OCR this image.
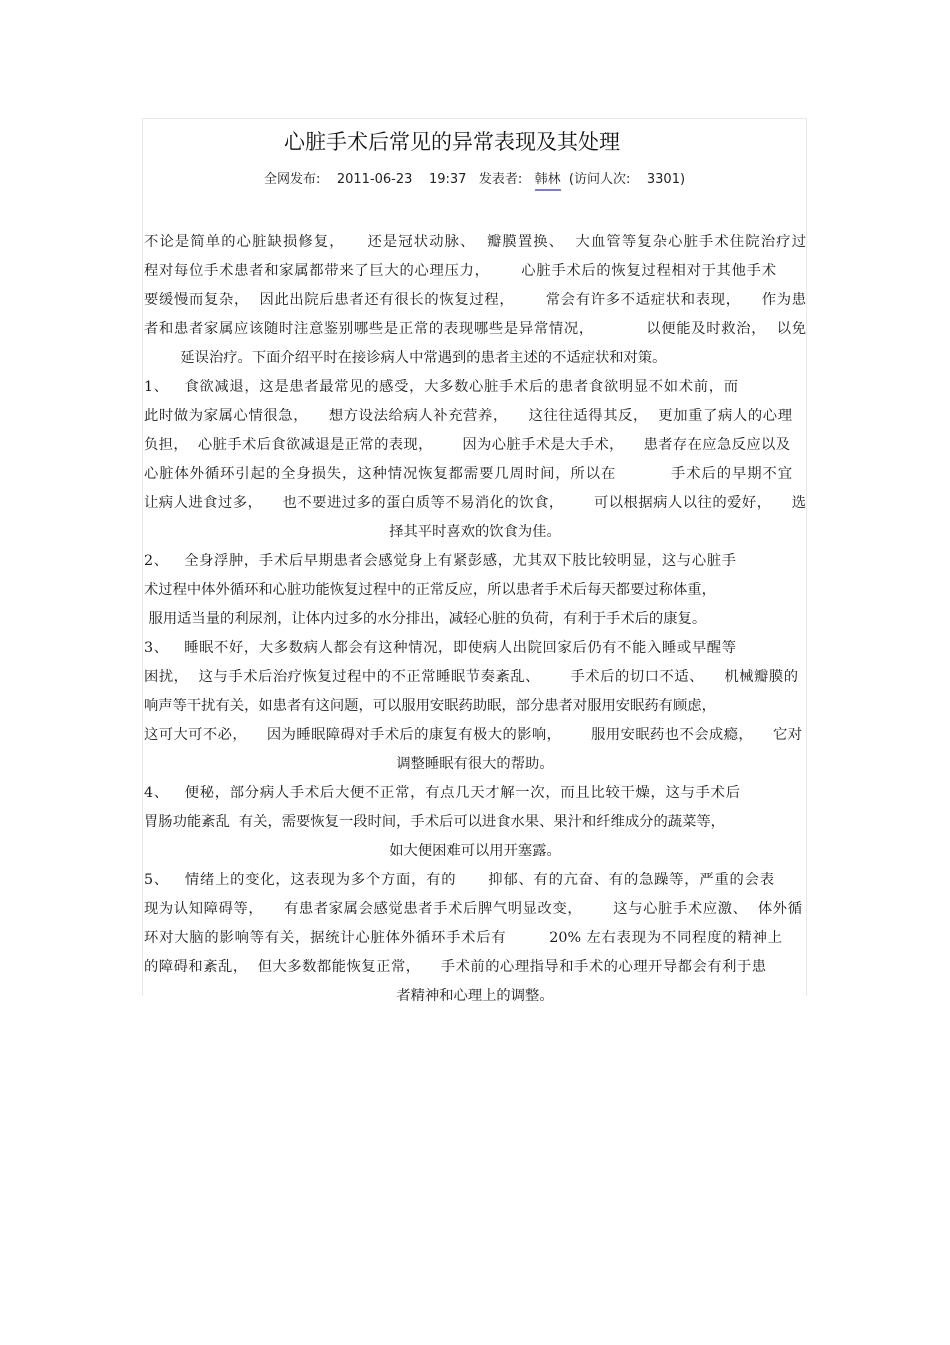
心脏手术后常见的异常表现及其处理
全网发布: 2011-06-23 19:37 发表者: 韩林 (访问人次: 3301)
不论是简单的心脏缺损修复，    还是冠状动脉、  瓣膜置换、  大血管等复杂心脏手术住院治疗过
程对每位手术患者和家属都带来了巨大的心理压力，      心脏手术后的恢复过程相对于其他手术
要缓慢而复杂，  因此出院后患者还有很长的恢复过程，      常会有许多不适症状和表现，    作为患
者和患者家属应该随时注意鉴别哪些是正常的表现哪些是异常情况，          以便能及时救治，  以免
延误治疗。下面介绍平时在接诊病人中常遇到的患者主述的不适症状和对策。
1、   食欲减退，这是患者最常见的感受，大多数心脏手术后的患者食欲明显不如术前，而
此时做为家属心情很急，    想方设法给病人补充营养，    这往往适得其反，  更加重了病人的心理
负担，  心脏手术后食欲减退是正常的表现，      因为心脏手术是大手术，    患者存在应急反应以及
心脏体外循环引起的全身损失，这种情况恢复都需要几周时间，所以在          手术后的早期不宜
让病人进食过多，    也不要进过多的蛋白质等不易消化的饮食，      可以根据病人以往的爱好，    选
择其平时喜欢的饮食为佳。
2、   全身浮肿，手术后早期患者会感觉身上有紧彭感，尤其双下肢比较明显，这与心脏手
术过程中体外循环和心脏功能恢复过程中的正常反应，所以患者手术后每天都要过称体重，
服用适当量的利尿剂，让体内过多的水分排出，减轻心脏的负荷，有利于手术后的康复。
3、   睡眠不好，大多数病人都会有这种情况，即使病人出院回家后仍有不能入睡或早醒等
困扰，  这与手术后治疗恢复过程中的不正常睡眠节奏紊乱、      手术后的切口不适、    机械瓣膜的
响声等干扰有关，如患者有这问题，可以服用安眠药助眠，部分患者对服用安眠药有顾虑，
这可大可不必，    因为睡眠障碍对手术后的康复有极大的影响，      服用安眠药也不会成瘾，    它对
调整睡眠有很大的帮助。
4、   便秘，部分病人手术后大便不正常，有点几天才解一次，而且比较干燥，这与手术后
胃肠功能紊乱  有关，需要恢复一段时间，手术后可以进食水果、果汁和纤维成分的蔬菜等，
如大便困难可以用开塞露。
5、   情绪上的变化，这表现为多个方面，有的      抑郁、有的亢奋、有的急躁等，严重的会表
现为认知障碍等，    有患者家属会感觉患者手术后脾气明显改变，      这与心脏手术应激、  体外循
环对大脑的影响等有关，据统计心脏体外循环手术后有        20% 左右表现为不同程度的精神上
的障碍和紊乱，  但大多数都能恢复正常，    手术前的心理指导和手术的心理开导都会有利于患
者精神和心理上的调整。
